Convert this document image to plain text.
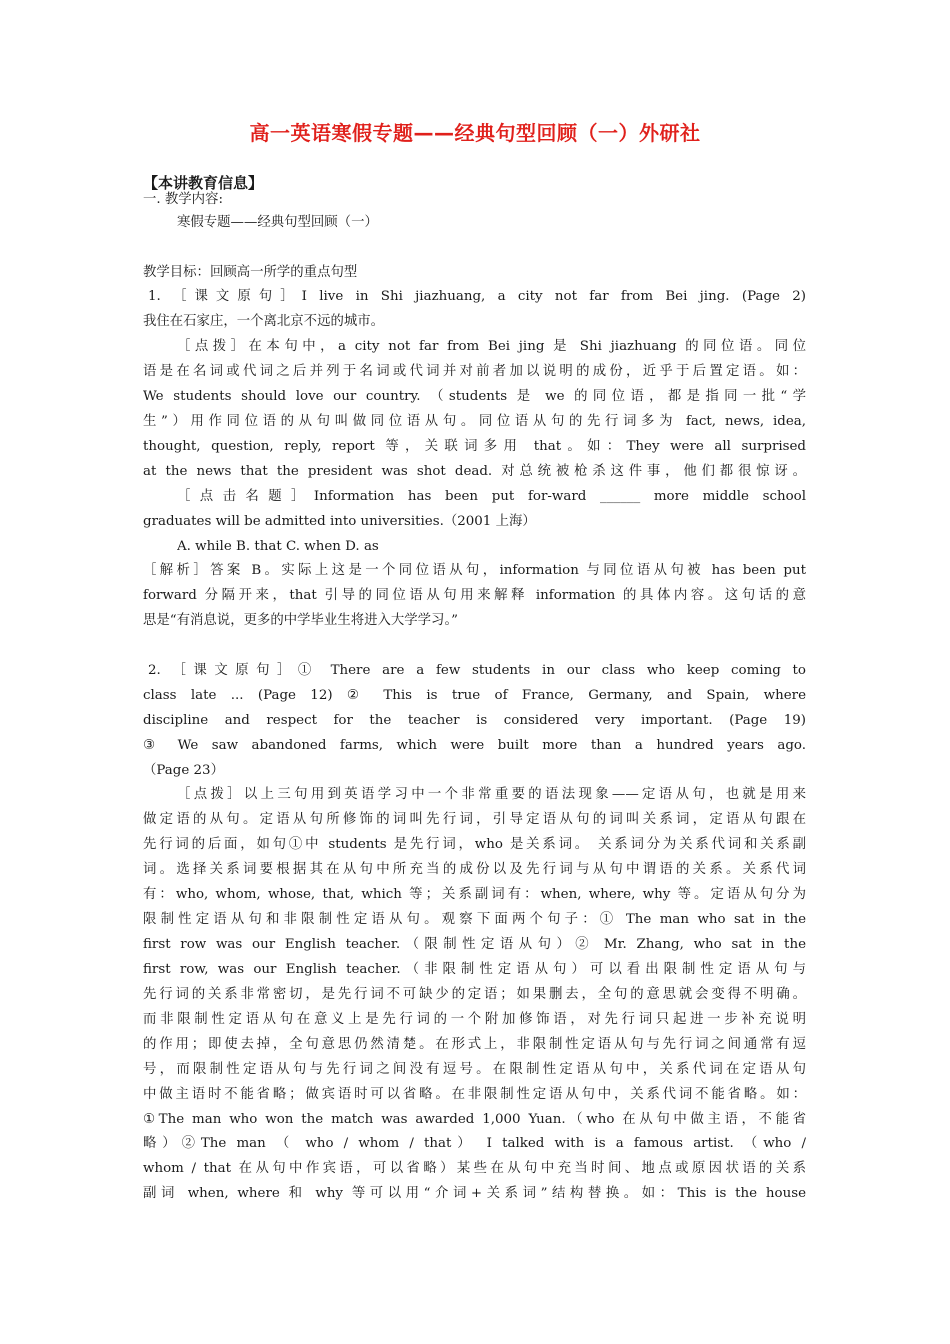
高一英语寒假专题——经典句型回顾（一）外研社
【本讲教育信息】
一. 教学内容:
寒假专题——经典句型回顾（一）
教学目标：回顾高一所学的重点句型
1. ［课文原句］I live in Shi jiazhuang, a city not far from Bei jing. (Page 2)
我住在石家庄，一个离北京不远的城市。
［点拨］在本句中，a city not far from Bei jing 是 Shi jiazhuang 的同位语。同位
语是在名词或代词之后并列于名词或代词并对前者加以说明的成份，近乎于后置定语。如：
We students should love our country. （students 是 we 的同位语，都是指同一批“学
生”）用作同位语的从句叫做同位语从句。同位语从句的先行词多为 fact, news, idea,
thought, question, reply, report 等，关联词多用 that。如：They were all surprised
at the news that the president was shot dead. 对总统被枪杀这件事，他们都很惊讶。
［点击名题］Information has been put for-ward ______ more middle school
graduates will be admitted into universities.（2001 上海）
A. while B. that C. when D. as
［解析］答案 B。实际上这是一个同位语从句，information 与同位语从句被 has been put
forward 分隔开来，that 引导的同位语从句用来解释 information 的具体内容。这句话的意
思是“有消息说，更多的中学毕业生将进入大学学习。”
2. ［课文原句］① There are a few students in our class who keep coming to
class late ... (Page 12) ② This is true of France, Germany, and Spain, where
discipline and respect for the teacher is considered very important. (Page 19)
③ We saw abandoned farms, which were built more than a hundred years ago.
（Page 23）
［点拨］以上三句用到英语学习中一个非常重要的语法现象——定语从句，也就是用来
做定语的从句。定语从句所修饰的词叫先行词，引导定语从句的词叫关系词，定语从句跟在
先行词的后面，如句①中 students 是先行词，who 是关系词。 关系词分为关系代词和关系副
词。选择关系词要根据其在从句中所充当的成份以及先行词与从句中谓语的关系。关系代词
有：who, whom, whose, that, which 等；关系副词有：when, where, why 等。定语从句分为
限制性定语从句和非限制性定语从句。观察下面两个句子：① The man who sat in the
first row was our English teacher.（限制性定语从句）② Mr. Zhang, who sat in the
first row, was our English teacher.（非限制性定语从句）可以看出限制性定语从句与
先行词的关系非常密切，是先行词不可缺少的定语；如果删去，全句的意思就会变得不明确。
而非限制性定语从句在意义上是先行词的一个附加修饰语，对先行词只起进一步补充说明
的作用；即使去掉，全句意思仍然清楚。在形式上，非限制性定语从句与先行词之间通常有逗
号，而限制性定语从句与先行词之间没有逗号。在限制性定语从句中，关系代词在定语从句
中做主语时不能省略；做宾语时可以省略。在非限制性定语从句中，关系代词不能省略。如：
①The man who won the match was awarded 1,000 Yuan.（who 在从句中做主语，不能省
略）②The man （ who / whom / that） I talked with is a famous artist. （who /
whom / that 在从句中作宾语，可以省略）某些在从句中充当时间、地点或原因状语的关系
副词 when, where 和 why 等可以用“介词+关系词”结构替换。如：This is the house
